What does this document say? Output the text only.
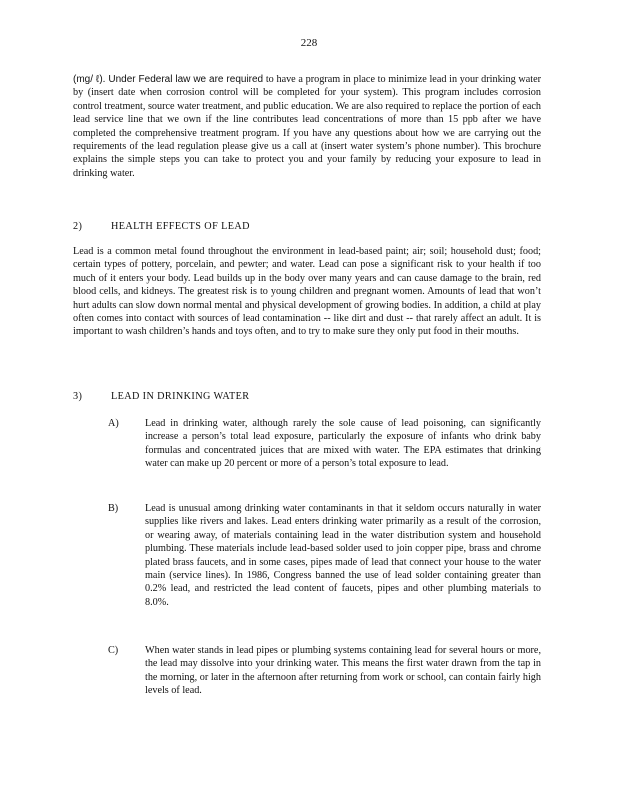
228

(mg/ ℓ). Under Federal law we are required to have a program in place to minimize lead in your drinking water by (insert date when corrosion control will be completed for your system). This program includes corrosion control treatment, source water treatment, and public education. We are also required to replace the portion of each lead service line that we own if the line contributes lead concentrations of more than 15 ppb after we have completed the comprehensive treatment program. If you have any questions about how we are carrying out the requirements of the lead regulation please give us a call at (insert water system’s phone number). This brochure explains the simple steps you can take to protect you and your family by reducing your exposure to lead in drinking water.

2)	HEALTH EFFECTS OF LEAD

Lead is a common metal found throughout the environment in lead-based paint; air; soil; household dust; food; certain types of pottery, porcelain, and pewter; and water. Lead can pose a significant risk to your health if too much of it enters your body. Lead builds up in the body over many years and can cause damage to the brain, red blood cells, and kidneys. The greatest risk is to young children and pregnant women. Amounts of lead that won’t hurt adults can slow down normal mental and physical development of growing bodies. In addition, a child at play often comes into contact with sources of lead contamination -- like dirt and dust -- that rarely affect an adult. It is important to wash children’s hands and toys often, and to try to make sure they only put food in their mouths.

3)	LEAD IN DRINKING WATER
A)	Lead in drinking water, although rarely the sole cause of lead poisoning, can significantly increase a person’s total lead exposure, particularly the exposure of infants who drink baby formulas and concentrated juices that are mixed with water. The EPA estimates that drinking water can make up 20 percent or more of a person’s total exposure to lead.

B)	Lead is unusual among drinking water contaminants in that it seldom occurs naturally in water supplies like rivers and lakes. Lead enters drinking water primarily as a result of the corrosion, or wearing away, of materials containing lead in the water distribution system and household plumbing. These materials include lead-based solder used to join copper pipe, brass and chrome plated brass faucets, and in some cases, pipes made of lead that connect your house to the water main (service lines). In 1986, Congress banned the use of lead solder containing greater than 0.2% lead, and restricted the lead content of faucets, pipes and other plumbing materials to 8.0%.

C)	When water stands in lead pipes or plumbing systems containing lead for several hours or more, the lead may dissolve into your drinking water. This means the first water drawn from the tap in the morning, or later in the afternoon after returning from work or school, can contain fairly high levels of lead.
